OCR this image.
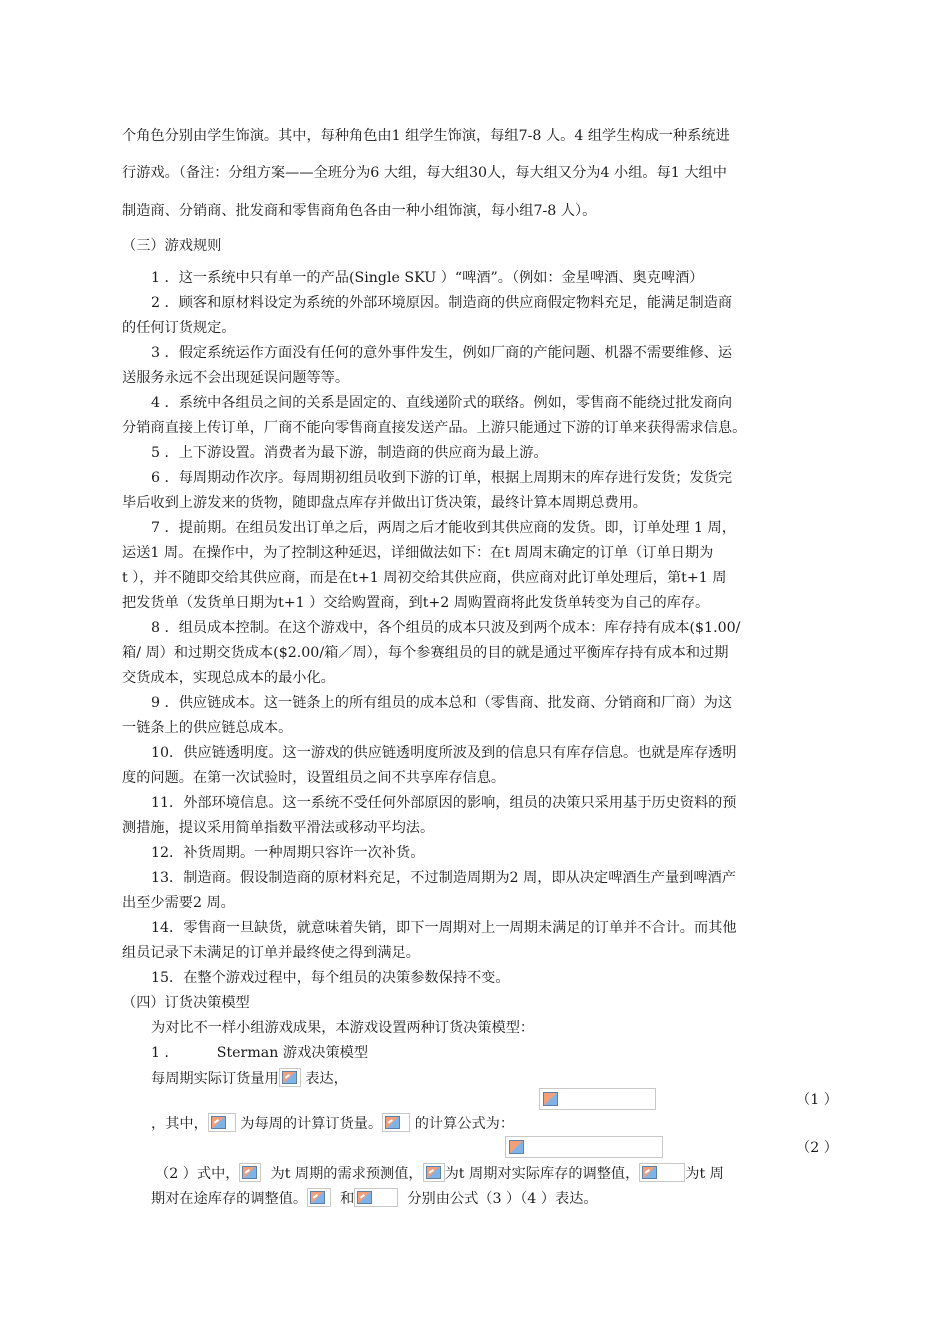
个角色分别由学生饰演。其中，每种角色由1 组学生饰演，每组7-8 人。4 组学生构成一种系统进
行游戏。（备注：分组方案——全班分为6 大组，每大组30人，每大组又分为4 小组。每1 大组中
制造商、分销商、批发商和零售商角色各由一种小组饰演，每小组7-8 人）。
（三）游戏规则
1 ．这一系统中只有单一的产品(Single SKU ）“啤酒”。（例如：金星啤酒、奥克啤酒）
2 ．顾客和原材料设定为系统的外部环境原因。制造商的供应商假定物料充足，能满足制造商
的任何订货规定。
3 ．假定系统运作方面没有任何的意外事件发生，例如厂商的产能问题、机器不需要维修、运
送服务永远不会出现延误问题等等。
4 ．系统中各组员之间的关系是固定的、直线递阶式的联络。例如，零售商不能绕过批发商向
分销商直接上传订单，厂商不能向零售商直接发送产品。上游只能通过下游的订单来获得需求信息。
5 ．上下游设置。消费者为最下游，制造商的供应商为最上游。
6 ．每周期动作次序。每周期初组员收到下游的订单，根据上周期末的库存进行发货；发货完
毕后收到上游发来的货物，随即盘点库存并做出订货决策，最终计算本周期总费用。
7 ．提前期。在组员发出订单之后，两周之后才能收到其供应商的发货。即，订单处理 1 周，
运送1 周。在操作中，为了控制这种延迟，详细做法如下：在t 周周末确定的订单（订单日期为
t ），并不随即交给其供应商，而是在t+1 周初交给其供应商，供应商对此订单处理后，第t+1 周
把发货单（发货单日期为t+1 ）交给购置商，到t+2 周购置商将此发货单转变为自己的库存。
8 ．组员成本控制。在这个游戏中，各个组员的成本只波及到两个成本：库存持有成本($1.00/
箱/ 周）和过期交货成本($2.00/箱／周），每个参赛组员的目的就是通过平衡库存持有成本和过期
交货成本，实现总成本的最小化。
9 ．供应链成本。这一链条上的所有组员的成本总和（零售商、批发商、分销商和厂商）为这
一链条上的供应链总成本。
10．供应链透明度。这一游戏的供应链透明度所波及到的信息只有库存信息。也就是库存透明
度的问题。在第一次试验时，设置组员之间不共享库存信息。
11．外部环境信息。这一系统不受任何外部原因的影响，组员的决策只采用基于历史资料的预
测措施，提议采用简单指数平滑法或移动平均法。
12．补货周期。一种周期只容许一次补货。
13．制造商。假设制造商的原材料充足，不过制造周期为2 周，即从决定啤酒生产量到啤酒产
出至少需要2 周。
14．零售商一旦缺货，就意味着失销，即下一周期对上一周期未满足的订单并不合计。而其他
组员记录下未满足的订单并最终使之得到满足。
15．在整个游戏过程中，每个组员的决策参数保持不变。
（四）订货决策模型
为对比不一样小组游戏成果，本游戏设置两种订货决策模型：
1 ．	Sterman 游戏决策模型
每周期实际订货量用
表达，
（1 ）
，其中， 为每周的计算订货量。 的计算公式为：
（2 ）
（2 ）式中， 为t 周期的需求预测值， 为t 周期对实际库存的调整值，	为t 周
期对在途库存的调整值。 和	分别由公式（3 ）（4 ）表达。
